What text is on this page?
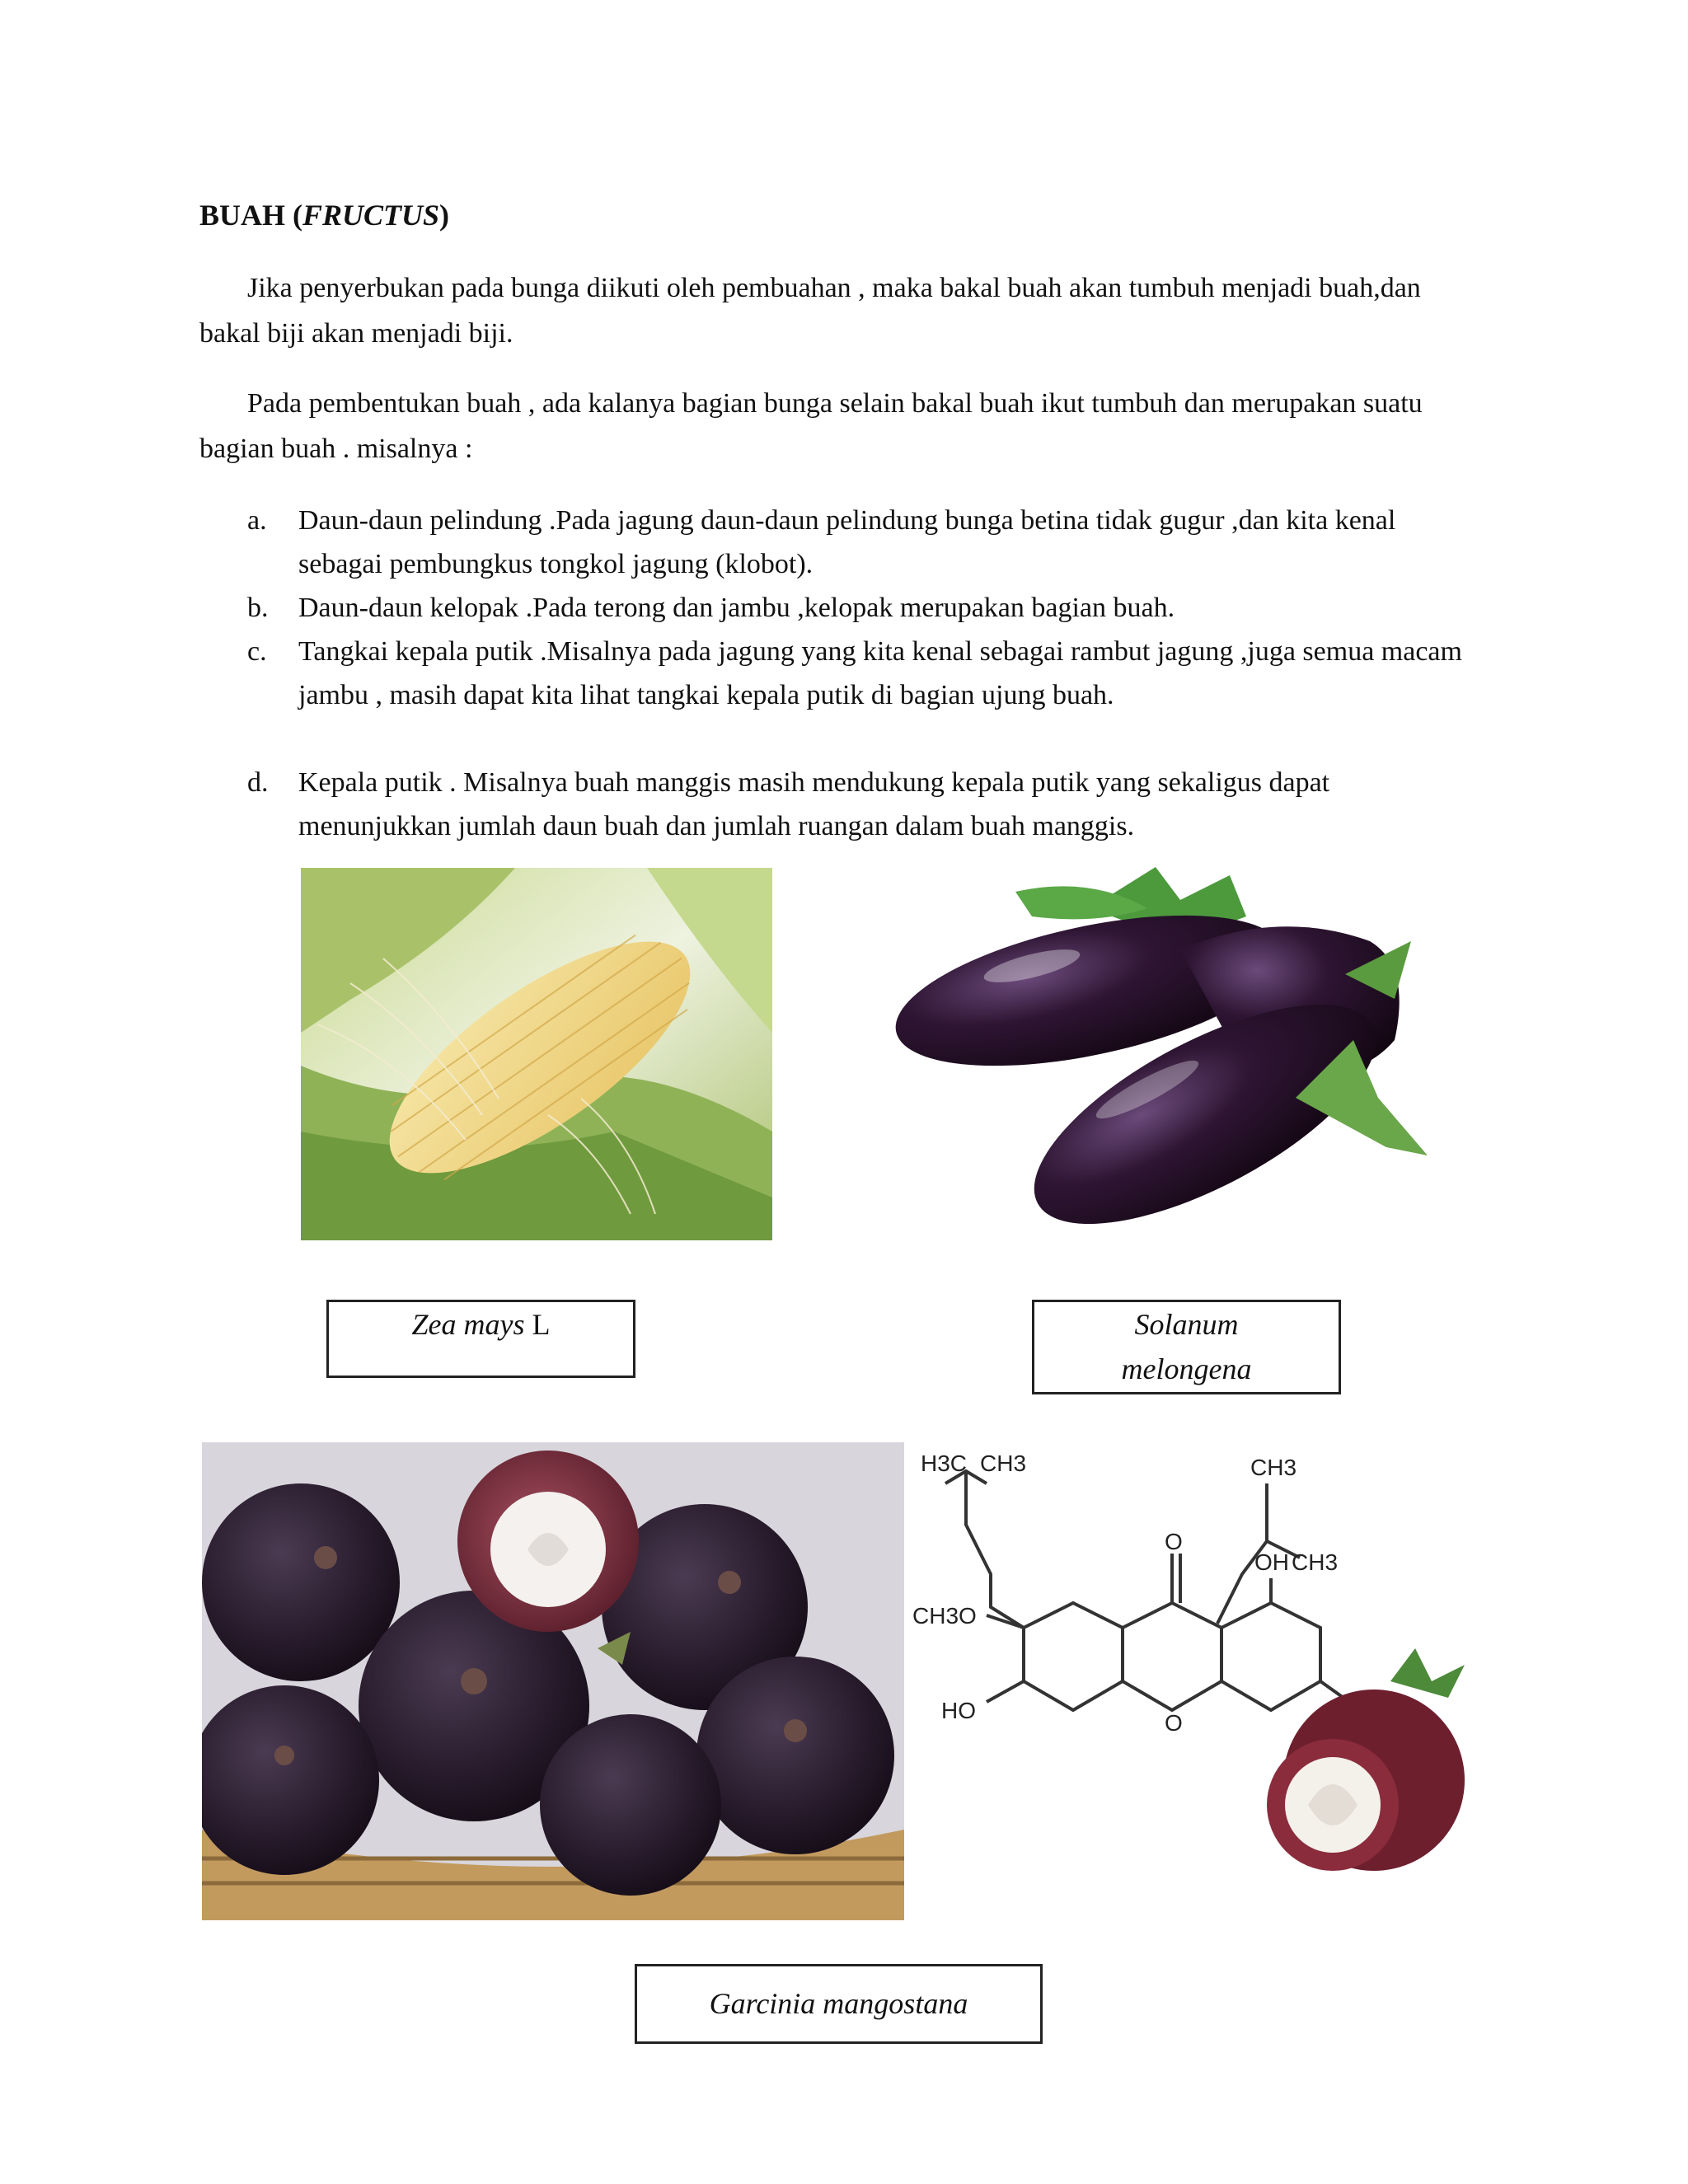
BUAH (FRUCTUS)
Jika penyerbukan pada bunga diikuti oleh pembuahan , maka bakal buah akan tumbuh menjadi buah,dan bakal biji akan menjadi biji.
Pada pembentukan buah , ada kalanya bagian bunga selain bakal buah ikut tumbuh dan merupakan suatu bagian buah . misalnya :
a. Daun-daun pelindung .Pada jagung daun-daun pelindung bunga betina tidak gugur ,dan kita kenal sebagai pembungkus tongkol jagung (klobot).
b. Daun-daun kelopak .Pada terong dan jambu ,kelopak merupakan bagian buah.
c. Tangkai kepala putik .Misalnya pada jagung yang kita kenal sebagai rambut jagung ,juga semua macam jambu , masih dapat kita lihat tangkai kepala putik di bagian ujung buah.
d. Kepala putik . Misalnya buah manggis masih mendukung kepala putik yang sekaligus dapat menunjukkan jumlah daun buah dan jumlah ruangan dalam buah manggis.
Zea mays L	Solanum melongena
H3C CH3	CH3
CH3
O
OH
CH3O
HO	O
Garcinia mangostana
